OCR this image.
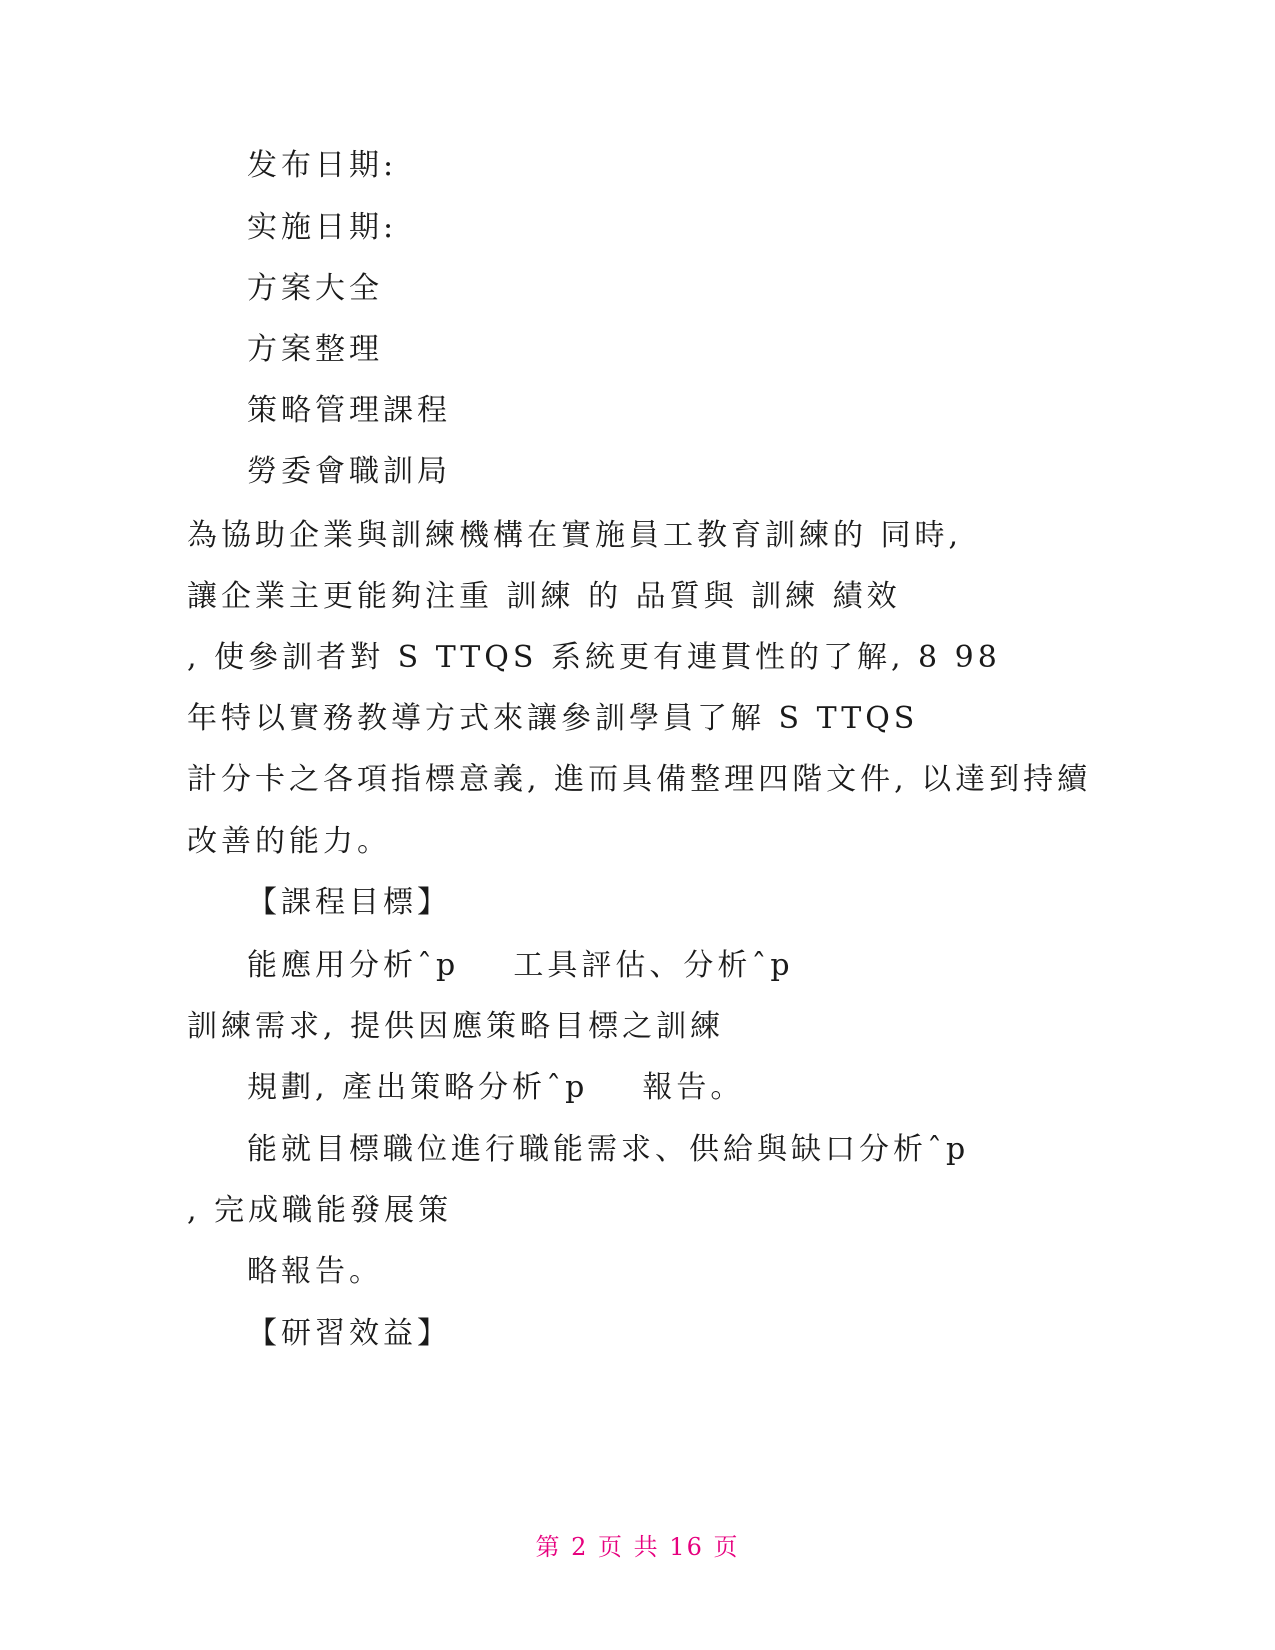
发布日期:
实施日期:
方案大全
方案整理
策略管理課程
勞委會職訓局
為協助企業與訓練機構在實施員工教育訓練的 同時,
讓企業主更能夠注重 訓練 的 品質與 訓練 績效
, 使參訓者對 S TTQS 系統更有連貫性的了解, 8 98
年特以實務教導方式來讓參訓學員了解 S TTQS
計分卡之各項指標意義, 進而具備整理四階文件, 以達到持續
改善的能力。
【課程目標】
能應用分析ˆp    工具評估、分析ˆp
訓練需求, 提供因應策略目標之訓練
規劃, 產出策略分析ˆp    報告。
能就目標職位進行職能需求、供給與缺口分析ˆp
, 完成職能發展策
略報告。
【研習效益】
第 2 页 共 16 页
